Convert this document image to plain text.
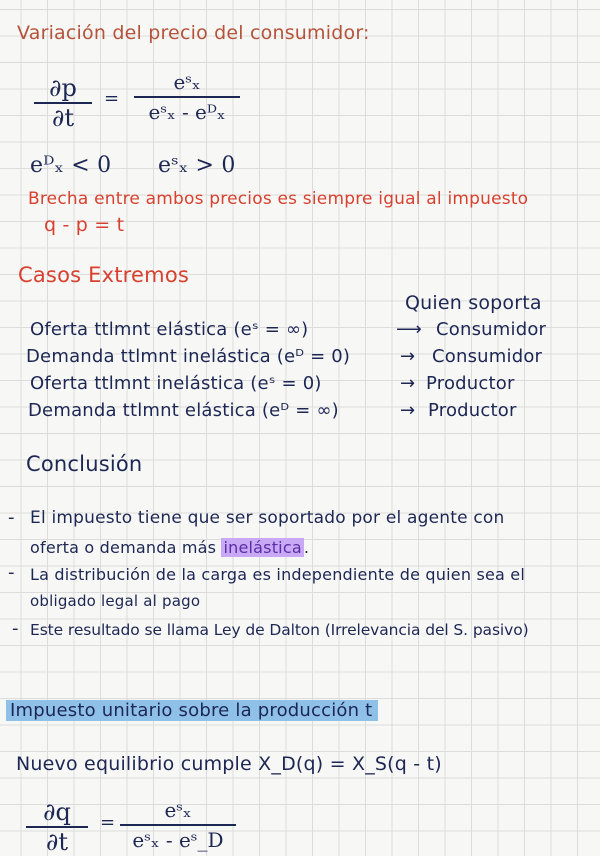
Variación del precio del consumidor:
∂p
∂t
=
eˢₓ
eˢₓ - eᴰₓ
eᴰₓ < 0 eˢₓ > 0
Brecha entre ambos precios es siempre igual al impuesto
q - p = t
Casos Extremos
Quien soporta
Oferta ttlmnt elástica (eˢ = ∞)	⟶ Consumidor
Demanda ttlmnt inelástica (eᴰ = 0)	→ Consumidor
Oferta ttlmnt inelástica (eˢ = 0)	→ Productor
Demanda ttlmnt elástica (eᴰ = ∞)	→ Productor
Conclusión
- El impuesto tiene que ser soportado por el agente con
oferta o demanda más inelástica .
- La distribución de la carga es independiente de quien sea el
obligado legal al pago
- Este resultado se llama Ley de Dalton (Irrelevancia del S. pasivo)
Impuesto unitario sobre la producción t
Nuevo equilibrio cumple X_D(q) = X_S(q - t)
∂q
∂t
=
eˢₓ
eˢₓ - eˢ_D
